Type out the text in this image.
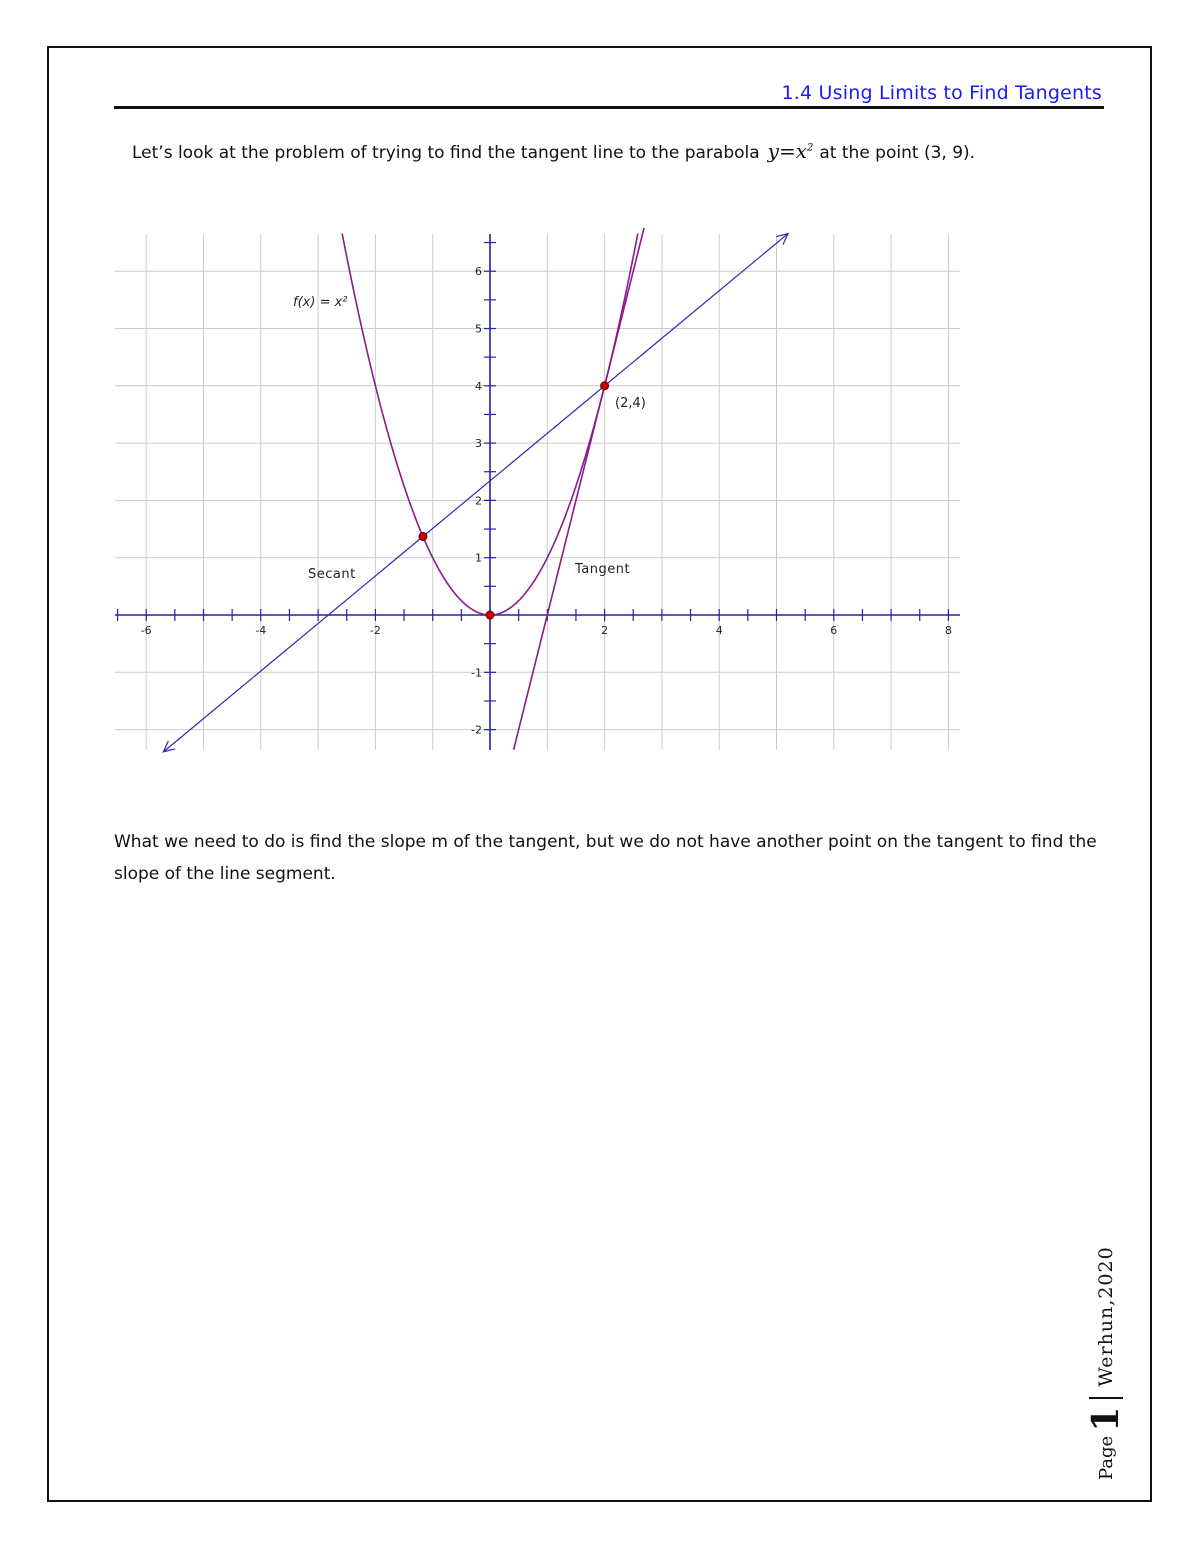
1.4 Using Limits to Find Tangents
Let’s look at the problem of trying to find the tangent line to the parabola $y=x^2$ at the point (3, 9).
-6	-4	-2	2	4	6	8
-2
-1
1
2
3
4
5
6
f(x) = x²
Secant	Tangent
(2,4)
What we need to do is find the slope m of the tangent, but we do not have another point on the tangent to find the slope of the line segment.
Page
1
Werhun,2020
